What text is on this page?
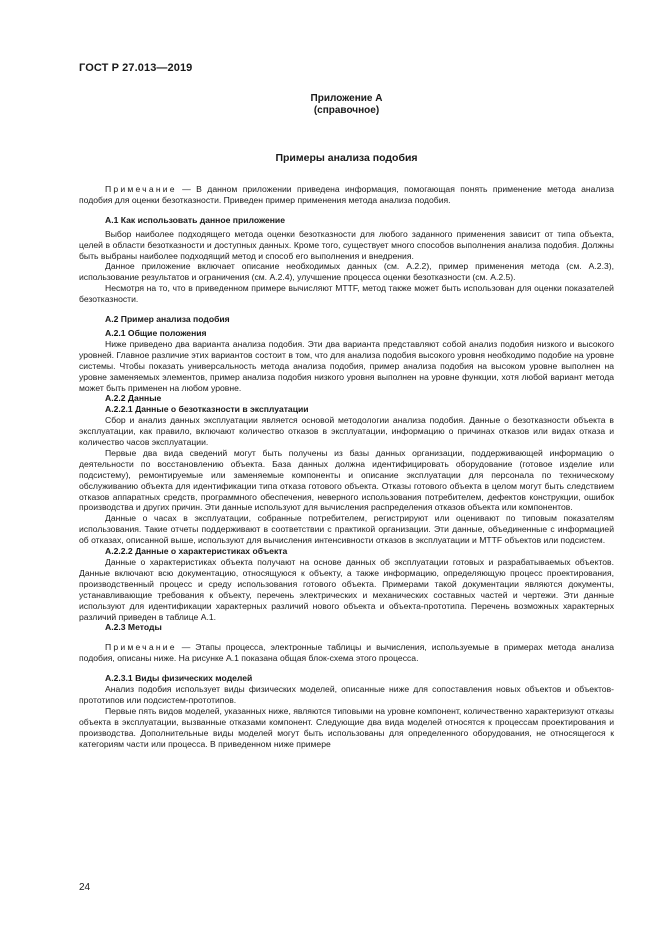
ГОСТ Р 27.013—2019
Приложение А
(справочное)
Примеры анализа подобия

Примечание — В данном приложении приведена информация, помогающая понять применение метода анализа подобия для оценки безотказности. Приведен пример применения метода анализа подобия.

А.1 Как использовать данное приложение

Выбор наиболее подходящего метода оценки безотказности для любого заданного применения зависит от типа объекта, целей в области безотказности и доступных данных. Кроме того, существует много способов выполнения анализа подобия. Должны быть выбраны наиболее подходящий метод и способ его выполнения и внедрения.

Данное приложение включает описание необходимых данных (см. А.2.2), пример применения метода (см. А.2.3), использование результатов и ограничения (см. А.2.4), улучшение процесса оценки безотказности (см. А.2.5).

Несмотря на то, что в приведенном примере вычисляют MTTF, метод также может быть использован для оценки показателей безотказности.

А.2 Пример анализа подобия
А.2.1 Общие положения

Ниже приведено два варианта анализа подобия. Эти два варианта представляют собой анализ подобия низкого и высокого уровней. Главное различие этих вариантов состоит в том, что для анализа подобия высокого уровня необходимо подобие на уровне системы. Чтобы показать универсальность метода анализа подобия, пример анализа подобия на высоком уровне выполнен на уровне заменяемых элементов, пример анализа подобия низкого уровня выполнен на уровне функции, хотя любой вариант метода может быть применен на любом уровне.

А.2.2 Данные
А.2.2.1 Данные о безотказности в эксплуатации

Сбор и анализ данных эксплуатации является основой методологии анализа подобия. Данные о безотказности объекта в эксплуатации, как правило, включают количество отказов в эксплуатации, информацию о причинах отказов или видах отказа и количество часов эксплуатации.

Первые два вида сведений могут быть получены из базы данных организации, поддерживающей информацию о деятельности по восстановлению объекта. База данных должна идентифицировать оборудование (готовое изделие или подсистему), ремонтируемые или заменяемые компоненты и описание эксплуатации для персонала по техническому обслуживанию объекта для идентификации типа отказа готового объекта. Отказы готового объекта в целом могут быть следствием отказов аппаратных средств, программного обеспечения, неверного использования потребителем, дефектов конструкции, ошибок производства и других причин. Эти данные используют для вычисления распределения отказов объекта или компонентов.

Данные о часах в эксплуатации, собранные потребителем, регистрируют или оценивают по типовым показателям использования. Такие отчеты поддерживают в соответствии с практикой организации. Эти данные, объединенные с информацией об отказах, описанной выше, используют для вычисления интенсивности отказов в эксплуатации и MTTF объектов или подсистем.

А.2.2.2 Данные о характеристиках объекта

Данные о характеристиках объекта получают на основе данных об эксплуатации готовых и разрабатываемых объектов. Данные включают всю документацию, относящуюся к объекту, а также информацию, определяющую процесс проектирования, производственный процесс и среду использования готового объекта. Примерами такой документации являются документы, устанавливающие требования к объекту, перечень электрических и механических составных частей и чертежи. Эти данные используют для идентификации характерных различий нового объекта и объекта-прототипа. Перечень возможных характерных различий приведен в таблице А.1.

А.2.3 Методы

Примечание — Этапы процесса, электронные таблицы и вычисления, используемые в примерах метода анализа подобия, описаны ниже. На рисунке А.1 показана общая блок-схема этого процесса.

А.2.3.1 Виды физических моделей

Анализ подобия использует виды физических моделей, описанные ниже для сопоставления новых объектов и объектов-прототипов или подсистем-прототипов.

Первые пять видов моделей, указанных ниже, являются типовыми на уровне компонент, количественно характеризуют отказы объекта в эксплуатации, вызванные отказами компонент. Следующие два вида моделей относятся к процессам проектирования и производства. Дополнительные виды моделей могут быть использованы для определенного оборудования, не относящегося к категориям части или процесса. В приведенном ниже примере

24
